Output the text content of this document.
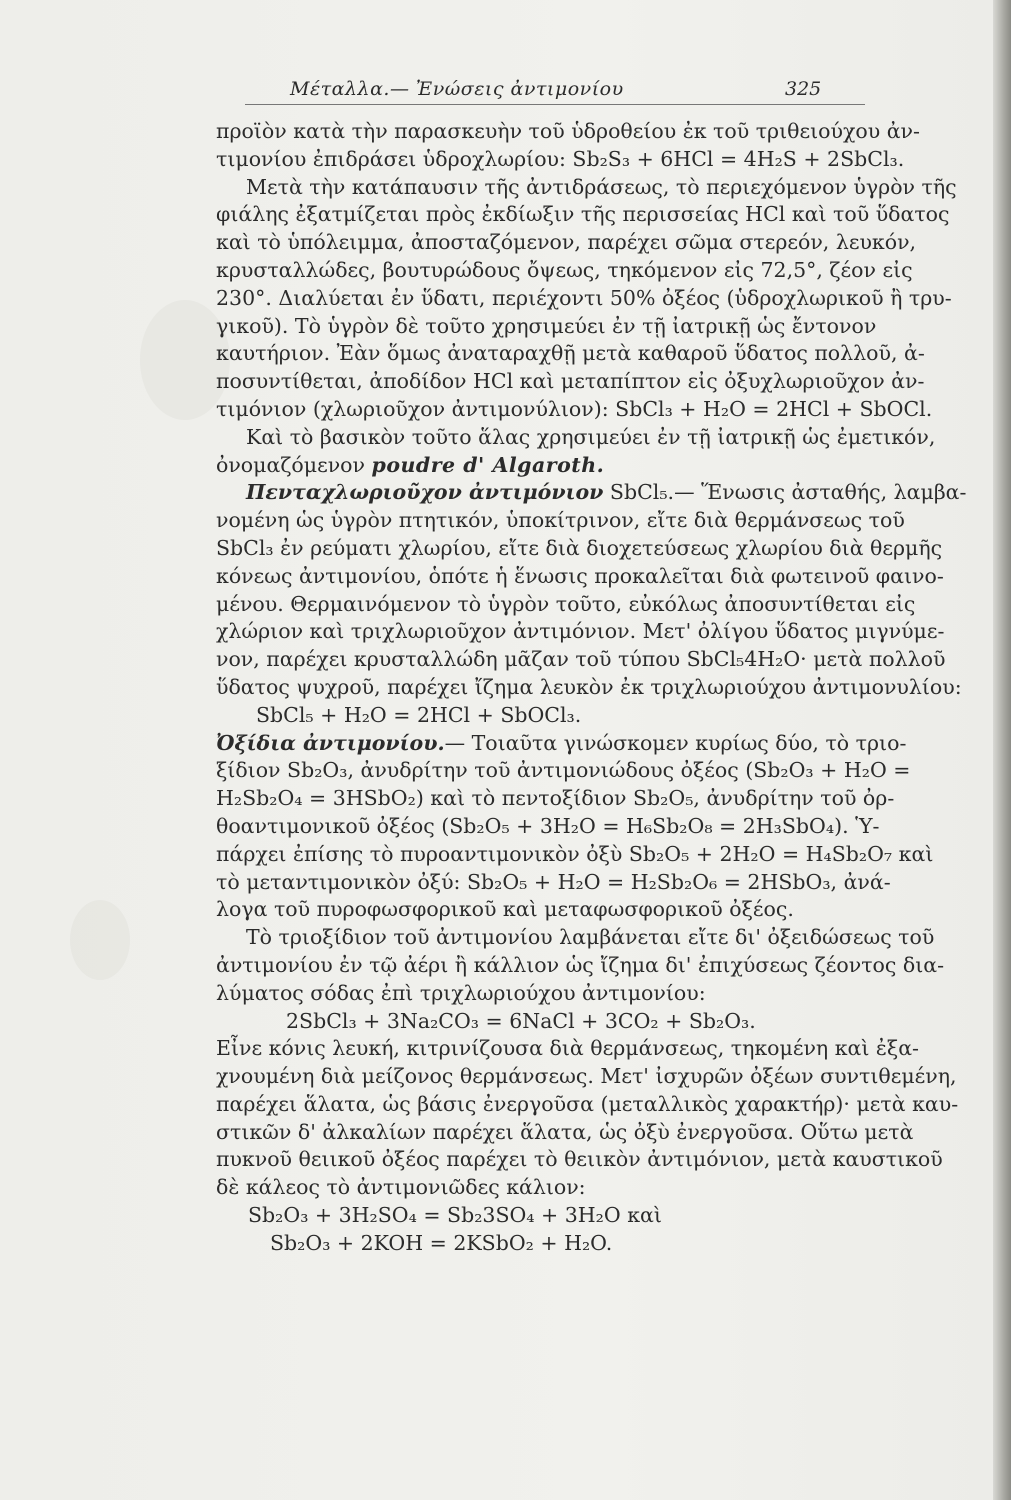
Μέταλλα.— Ἐνώσεις ἀντιμονίου	325

προϊὸν κατὰ τὴν παρασκευὴν τοῦ ὑδροθείου ἐκ τοῦ τριθειούχου ἀν-
τιμονίου ἐπιδράσει ὑδροχλωρίου: Sb₂S₃ + 6HCl = 4H₂S + 2SbCl₃.

Μετὰ τὴν κατάπαυσιν τῆς ἀντιδράσεως, τὸ περιεχόμενον ὑγρὸν τῆς
φιάλης ἐξατμίζεται πρὸς ἐκδίωξιν τῆς περισσείας HCl καὶ τοῦ ὕδατος
καὶ τὸ ὑπόλειμμα, ἀποσταζόμενον, παρέχει σῶμα στερεόν, λευκόν,
κρυσταλλώδες, βουτυρώδους ὄψεως, τηκόμενον εἰς 72,5°, ζέον εἰς
230°. Διαλύεται ἐν ὕδατι, περιέχοντι 50% ὀξέος (ὑδροχλωρικοῦ ἢ τρυ-
γικοῦ). Τὸ ὑγρὸν δὲ τοῦτο χρησιμεύει ἐν τῇ ἰατρικῇ ὡς ἔντονον
καυτήριον. Ἐὰν ὅμως ἀναταραχθῇ μετὰ καθαροῦ ὕδατος πολλοῦ, ἀ-
ποσυντίθεται, ἀποδίδον HCl καὶ μεταπίπτον εἰς ὀξυχλωριοῦχον ἀν-
τιμόνιον (χλωριοῦχον ἀντιμονύλιον): SbCl₃ + H₂O = 2HCl + SbOCl.

Καὶ τὸ βασικὸν τοῦτο ἅλας χρησιμεύει ἐν τῇ ἰατρικῇ ὡς ἐμετικόν,
ὀνομαζόμενον poudre d' Algaroth.

Πενταχλωριοῦχον ἀντιμόνιον SbCl₅.— Ἕνωσις ἀσταθής, λαμβα-
νομένη ὡς ὑγρὸν πτητικόν, ὑποκίτρινον, εἴτε διὰ θερμάνσεως τοῦ
SbCl₃ ἐν ρεύματι χλωρίου, εἴτε διὰ διοχετεύσεως χλωρίου διὰ θερμῆς
κόνεως ἀντιμονίου, ὁπότε ἡ ἕνωσις προκαλεῖται διὰ φωτεινοῦ φαινο-
μένου. Θερμαινόμενον τὸ ὑγρὸν τοῦτο, εὐκόλως ἀποσυντίθεται εἰς
χλώριον καὶ τριχλωριοῦχον ἀντιμόνιον. Μετ' ὀλίγου ὕδατος μιγνύμε-
νον, παρέχει κρυσταλλώδη μᾶζαν τοῦ τύπου SbCl₅4H₂O· μετὰ πολλοῦ
ὕδατος ψυχροῦ, παρέχει ἴζημα λευκὸν ἐκ τριχλωριούχου ἀντιμονυλίου:
SbCl₅ + H₂O = 2HCl + SbOCl₃.

Ὀξίδια ἀντιμονίου.— Τοιαῦτα γινώσκομεν κυρίως δύο, τὸ τριο-
ξίδιον Sb₂O₃, ἀνυδρίτην τοῦ ἀντιμονιώδους ὀξέος (Sb₂O₃ + H₂O =
H₂Sb₂O₄ = 3HSbO₂) καὶ τὸ πεντοξίδιον Sb₂O₅, ἀνυδρίτην τοῦ ὀρ-
θοαντιμονικοῦ ὀξέος (Sb₂O₅ + 3H₂O = H₆Sb₂O₈ = 2H₃SbO₄). Ὑ-
πάρχει ἐπίσης τὸ πυροαντιμονικὸν ὀξὺ Sb₂O₅ + 2H₂O = H₄Sb₂O₇ καὶ
τὸ μεταντιμονικὸν ὀξύ: Sb₂O₅ + H₂O = H₂Sb₂O₆ = 2HSbO₃, ἀνά-
λογα τοῦ πυροφωσφορικοῦ καὶ μεταφωσφορικοῦ ὀξέος.

Τὸ τριοξίδιον τοῦ ἀντιμονίου λαμβάνεται εἴτε δι' ὀξειδώσεως τοῦ
ἀντιμονίου ἐν τῷ ἀέρι ἢ κάλλιον ὡς ἴζημα δι' ἐπιχύσεως ζέοντος δια-
λύματος σόδας ἐπὶ τριχλωριούχου ἀντιμονίου:
2SbCl₃ + 3Na₂CO₃ = 6NaCl + 3CO₂ + Sb₂O₃.

Εἶνε κόνις λευκή, κιτρινίζουσα διὰ θερμάνσεως, τηκομένη καὶ ἐξα-
χνουμένη διὰ μείζονος θερμάνσεως. Μετ' ἰσχυρῶν ὀξέων συντιθεμένη,
παρέχει ἅλατα, ὡς βάσις ἐνεργοῦσα (μεταλλικὸς χαρακτήρ)· μετὰ καυ-
στικῶν δ' ἀλκαλίων παρέχει ἅλατα, ὡς ὀξὺ ἐνεργοῦσα. Οὕτω μετὰ
πυκνοῦ θειικοῦ ὀξέος παρέχει τὸ θειικὸν ἀντιμόνιον, μετὰ καυστικοῦ
δὲ κάλεος τὸ ἀντιμονιῶδες κάλιον:
Sb₂O₃ + 3H₂SO₄ = Sb₂3SO₄ + 3H₂O καὶ
Sb₂O₃ + 2KOH = 2KSbO₂ + H₂O.
